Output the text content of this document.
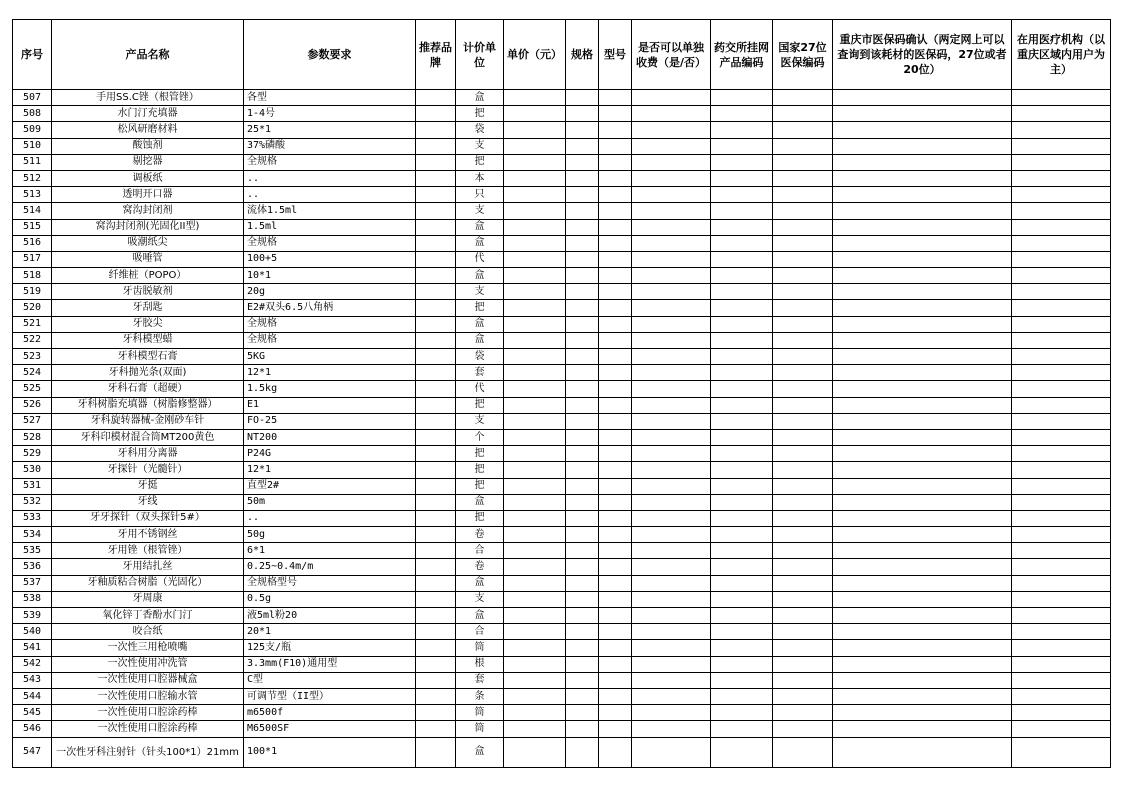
序号	产品名称	参数要求	推荐品牌	计价单位	单价（元）	规格	型号	是否可以单独收费（是/否）	药交所挂网产品编码	国家27位医保编码	重庆市医保码确认（两定网上可以查询到该耗材的医保码，27位或者20位）	在用医疗机构（以重庆区域内用户为主）
507	手用SS.C锉（根管锉）	各型		盒								
508	水门汀充填器	1-4号		把								
509	松风研磨材料	25*1		袋								
510	酸蚀剂	37%磷酸		支								
511	剔挖器	全规格		把								
512	调板纸	..		本								
513	透明开口器	..		只								
514	窝沟封闭剂	流体1.5ml		支								
515	窝沟封闭剂(光固化II型)	1.5ml		盒								
516	吸潮纸尖	全规格		盒								
517	吸唾管	100+5		代								
518	纤维桩（POPO）	10*1		盒								
519	牙齿脱敏剂	20g		支								
520	牙刮匙	E2#双头6.5八角柄		把								
521	牙胶尖	全规格		盒								
522	牙科模型蜡	全规格		盒								
523	牙科模型石膏	5KG		袋								
524	牙科抛光条(双面)	12*1		套								
525	牙科石膏（超硬）	1.5kg		代								
526	牙科树脂充填器（树脂修整器）	E1		把								
527	牙科旋转器械-金刚砂车针	FO-25		支								
528	牙科印模材混合筒MT200黄色	NT200		个								
529	牙科用分离器	P24G		把								
530	牙探针（光髓针）	12*1		把								
531	牙挺	直型2#		把								
532	牙线	50m		盒								
533	牙牙探针（双头探针5#）	..		把								
534	牙用不锈钢丝	50g		卷								
535	牙用锉（根管锉）	6*1		合								
536	牙用结扎丝	0.25~0.4m/m		卷								
537	牙釉质粘合树脂（光固化）	全规格型号		盒								
538	牙周康	0.5g		支								
539	氧化锌丁香酚水门汀	液5ml粉20		盒								
540	咬合纸	20*1		合								
541	一次性三用枪喷嘴	125支/瓶		筒								
542	一次性使用冲洗管	3.3mm(F10)通用型		根								
543	一次性使用口腔器械盒	C型		套								
544	一次性使用口腔输水管	可调节型（II型）		条								
545	一次性使用口腔涂药棒	m6500f		筒								
546	一次性使用口腔涂药棒	M6500SF		筒								
547	一次性牙科注射针（针头100*1）21mm	100*1		盒								
